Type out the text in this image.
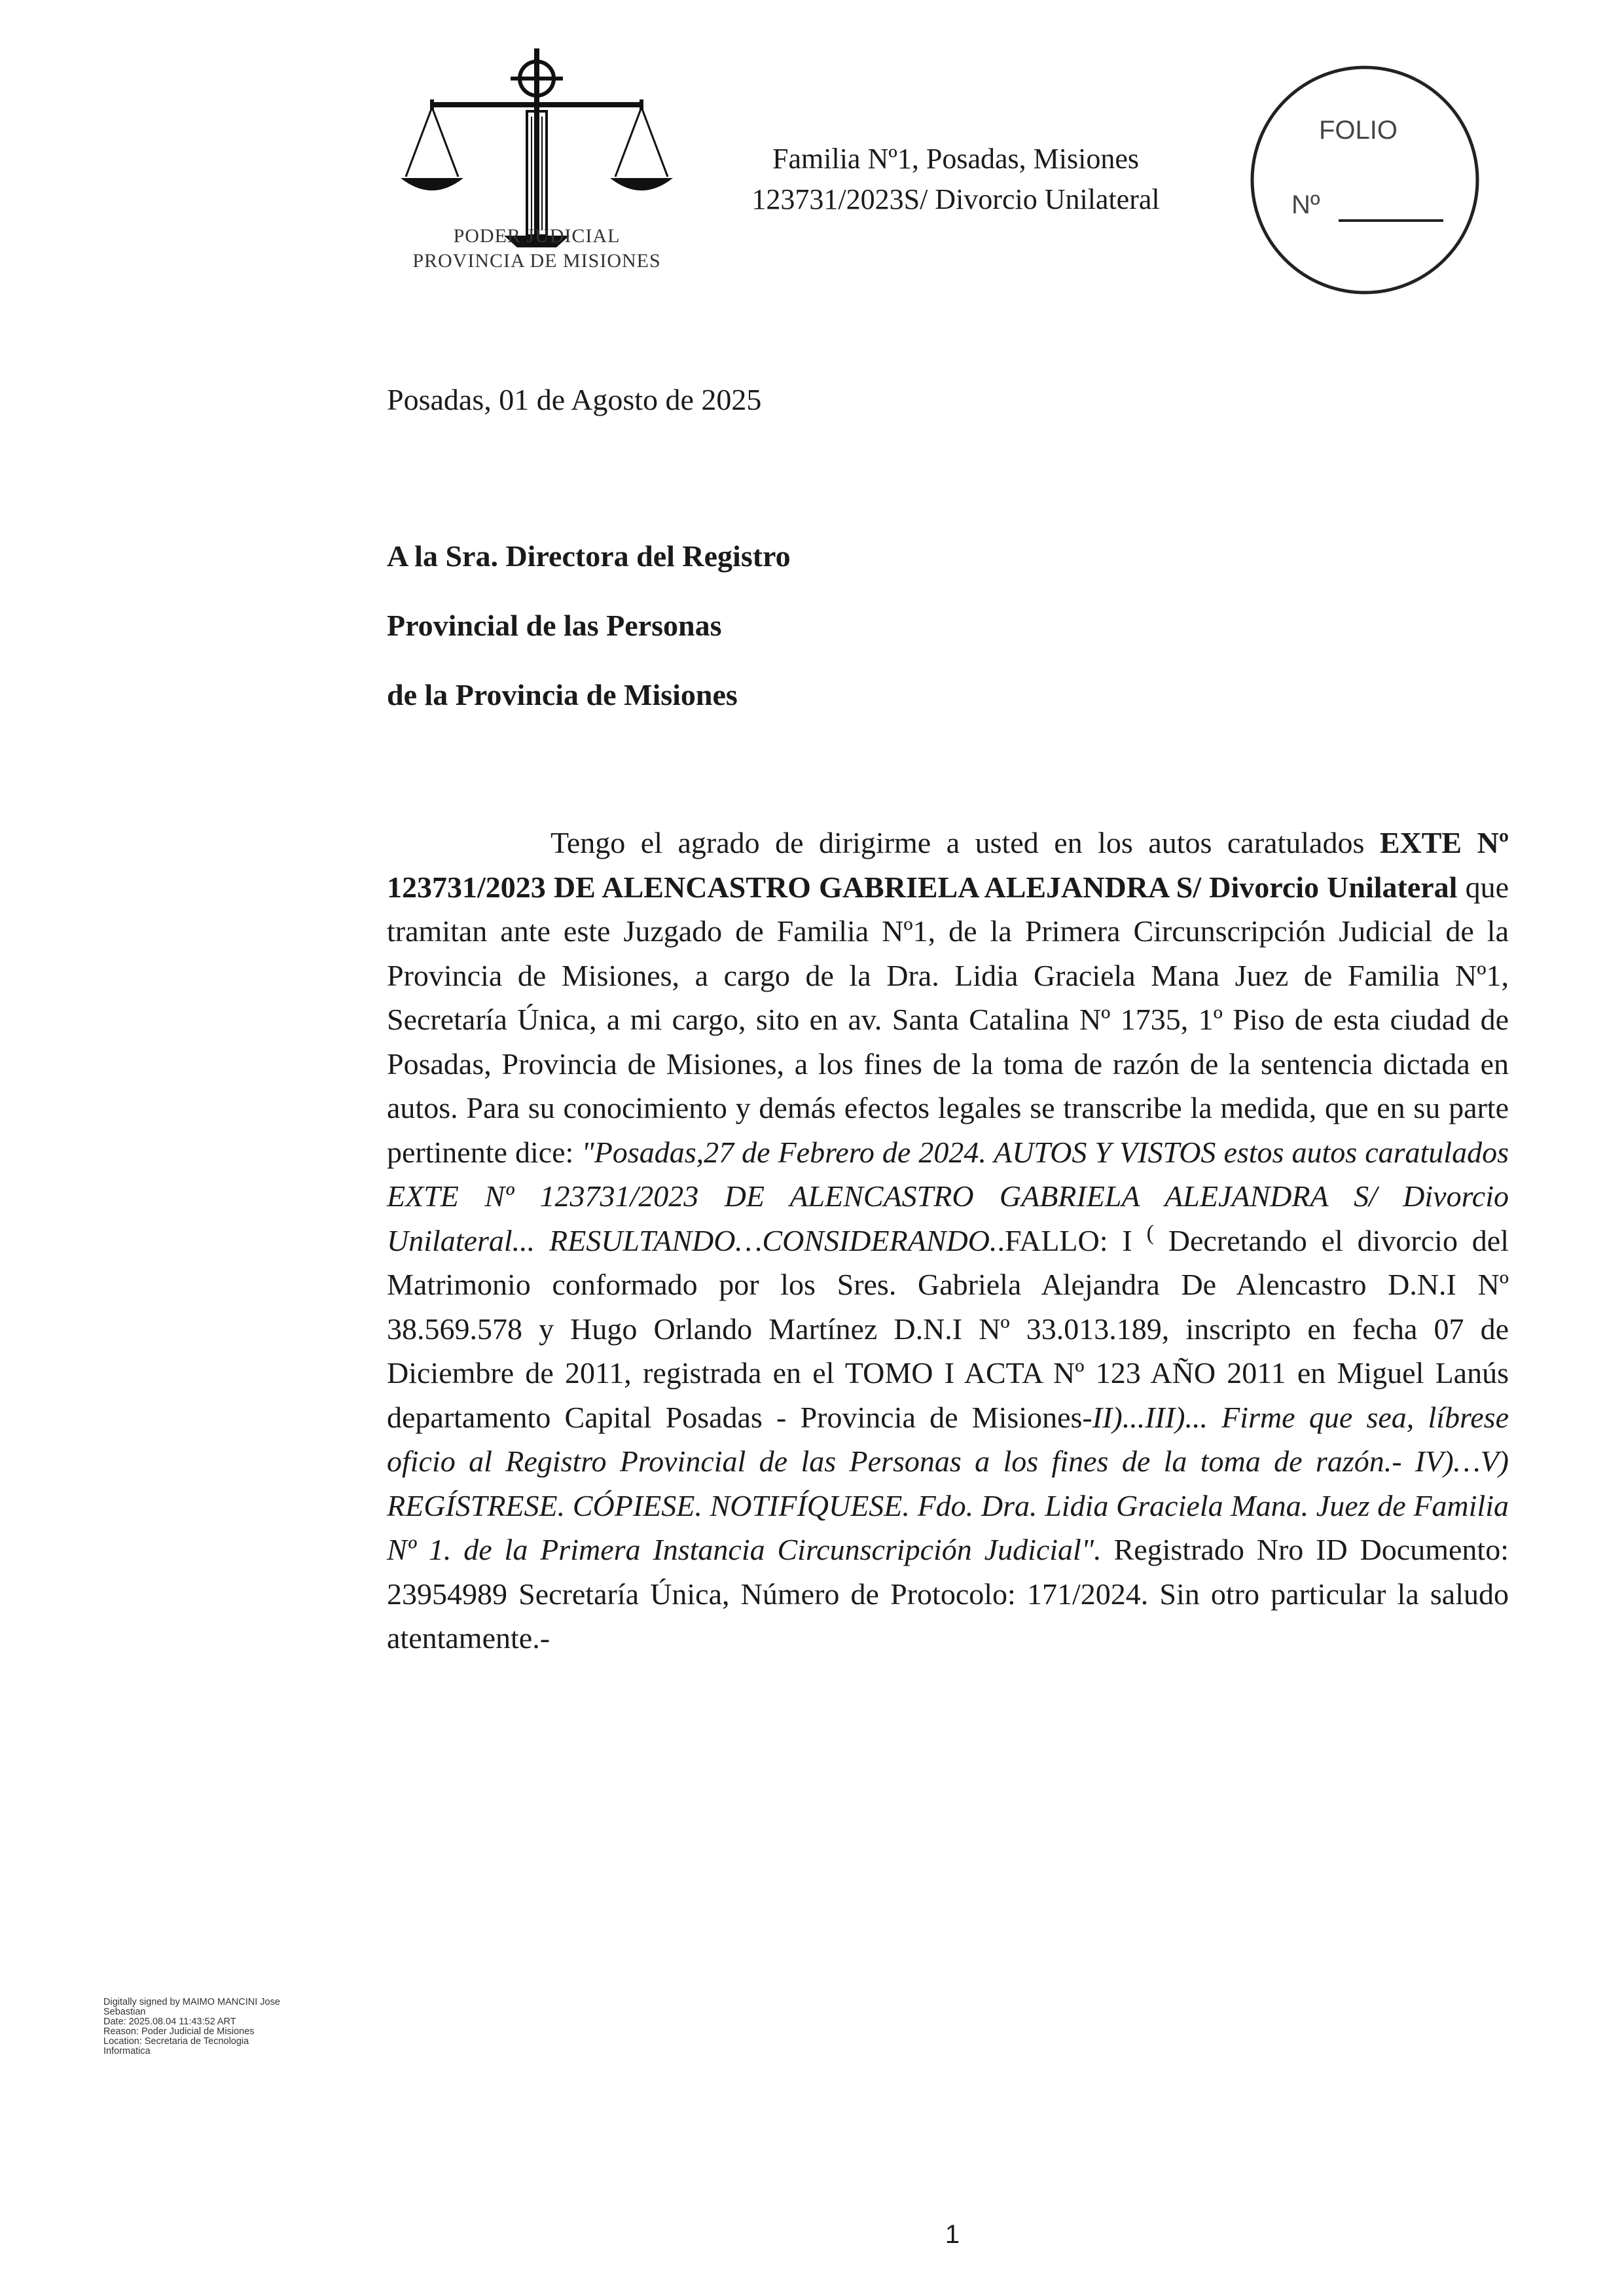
PODER JUDICIAL
PROVINCIA DE MISIONES
Familia Nº1, Posadas, Misiones
123731/2023S/ Divorcio Unilateral
FOLIO
Nº
Posadas, 01 de Agosto de 2025
A la Sra. Directora del Registro
Provincial de las Personas
de la Provincia de Misiones
Tengo el agrado de dirigirme a usted en los autos caratulados EXTE Nº 123731/2023 DE ALENCASTRO GABRIELA ALEJANDRA S/ Divorcio Unilateral que tramitan ante este Juzgado de Familia Nº1, de la Primera Circunscripción Judicial de la Provincia de Misiones, a cargo de la Dra. Lidia Graciela Mana Juez de Familia Nº1, Secretaría Única, a mi cargo, sito en av. Santa Catalina Nº 1735, 1º Piso de esta ciudad de Posadas, Provincia de Misiones, a los fines de la toma de razón de la sentencia dictada en autos. Para su conocimiento y demás efectos legales se transcribe la medida, que en su parte pertinente dice: "Posadas,27 de Febrero de 2024. AUTOS Y VISTOS estos autos caratulados EXTE Nº 123731/2023 DE ALENCASTRO GABRIELA ALEJANDRA S/ Divorcio Unilateral... RESULTANDO…CONSIDERANDO..FALLO: I ( Decretando el divorcio del Matrimonio conformado por los Sres. Gabriela Alejandra De Alencastro D.N.I Nº 38.569.578 y Hugo Orlando Martínez D.N.I Nº 33.013.189, inscripto en fecha 07 de Diciembre de 2011, registrada en el TOMO I ACTA Nº 123 AÑO 2011 en Miguel Lanús departamento Capital Posadas - Provincia de Misiones-II)...III)... Firme que sea, líbrese oficio al Registro Provincial de las Personas a los fines de la toma de razón.- IV)…V) REGÍSTRESE. CÓPIESE. NOTIFÍQUESE. Fdo. Dra. Lidia Graciela Mana. Juez de Familia Nº 1. de la Primera Instancia Circunscripción Judicial". Registrado Nro ID Documento: 23954989 Secretaría Única, Número de Protocolo: 171/2024. Sin otro particular la saludo atentamente.-
Digitally signed by MAIMO MANCINI Jose
Sebastian
Date: 2025.08.04 11:43:52 ART
Reason: Poder Judicial de Misiones
Location: Secretaria de Tecnologia
Informatica
1
